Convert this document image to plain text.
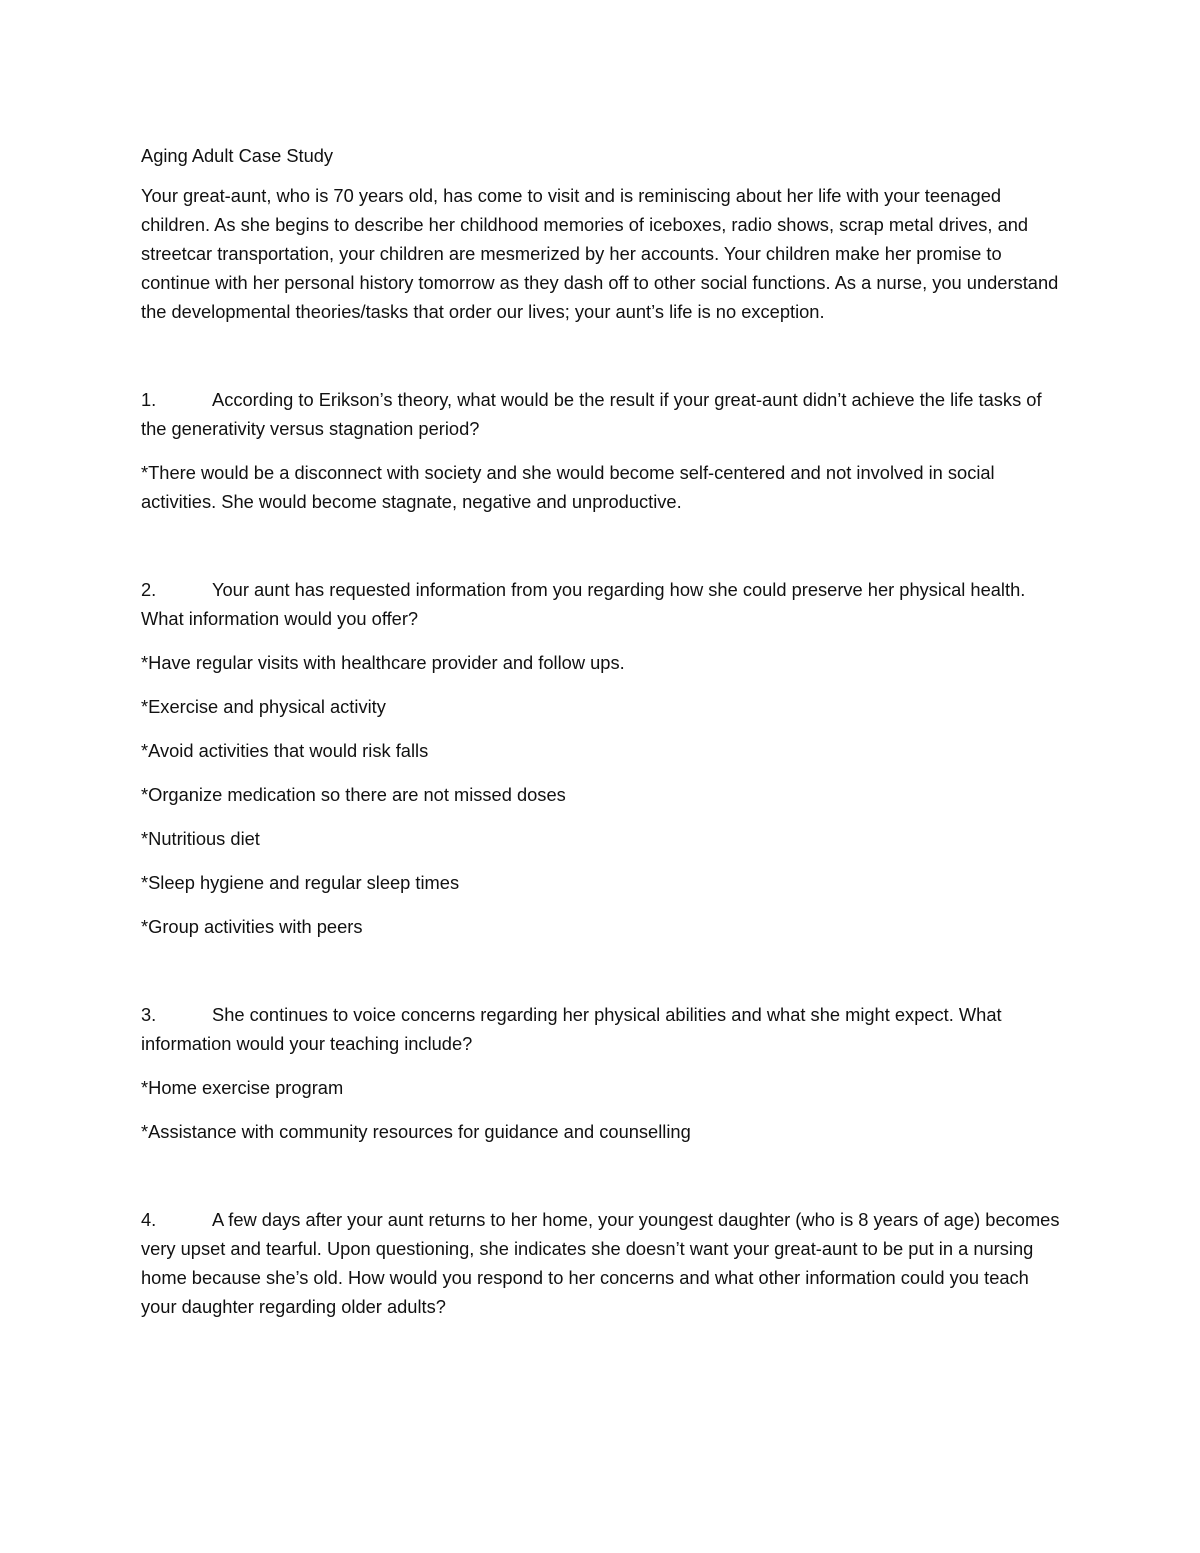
Aging Adult Case Study

Your great-aunt, who is 70 years old, has come to visit and is reminiscing about her life with your teenaged children. As she begins to describe her childhood memories of iceboxes, radio shows, scrap metal drives, and streetcar transportation, your children are mesmerized by her accounts. Your children make her promise to continue with her personal history tomorrow as they dash off to other social functions. As a nurse, you understand the developmental theories/tasks that order our lives; your aunt’s life is no exception.

1.	According to Erikson’s theory, what would be the result if your great-aunt didn’t achieve the life tasks of the generativity versus stagnation period?

*There would be a disconnect with society and she would become self-centered and not involved in social activities. She would become stagnate, negative and unproductive.

2.	Your aunt has requested information from you regarding how she could preserve her physical health. What information would you offer?

*Have regular visits with healthcare provider and follow ups.

*Exercise and physical activity

*Avoid activities that would risk falls

*Organize medication so there are not missed doses

*Nutritious diet

*Sleep hygiene and regular sleep times

*Group activities with peers

3.	She continues to voice concerns regarding her physical abilities and what she might expect. What information would your teaching include?

*Home exercise program

*Assistance with community resources for guidance and counselling

4.	A few days after your aunt returns to her home, your youngest daughter (who is 8 years of age) becomes very upset and tearful. Upon questioning, she indicates she doesn’t want your great-aunt to be put in a nursing home because she’s old. How would you respond to her concerns and what other information could you teach your daughter regarding older adults?
